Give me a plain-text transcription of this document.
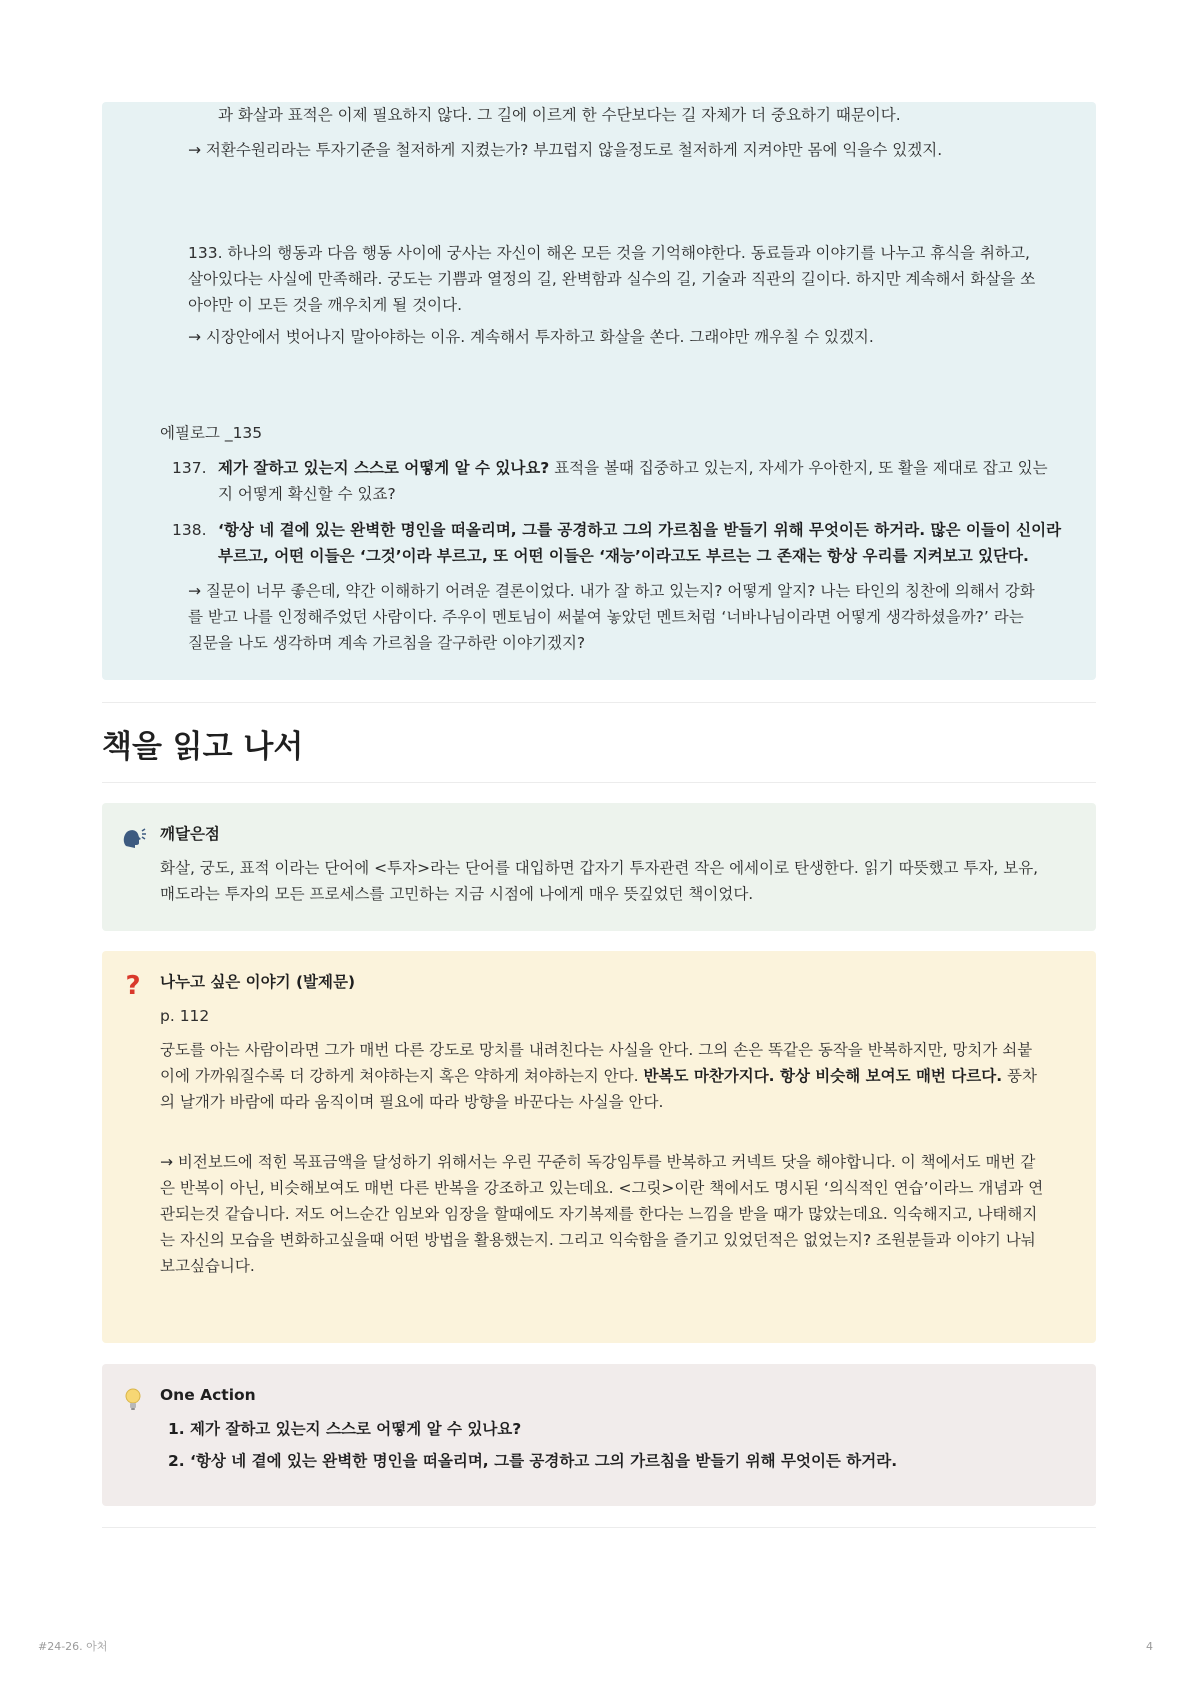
과 화살과 표적은 이제 필요하지 않다. 그 길에 이르게 한 수단보다는 길 자체가 더 중요하기 때문이다.

→ 저환수원리라는 투자기준을 철저하게 지켰는가? 부끄럽지 않을정도로 철저하게 지켜야만 몸에 익을수 있겠지.

133. 하나의 행동과 다음 행동 사이에 궁사는 자신이 해온 모든 것을 기억해야한다. 동료들과 이야기를 나누고 휴식을 취하고,

살아있다는 사실에 만족해라. 궁도는 기쁨과 열정의 길, 완벽함과 실수의 길, 기술과 직관의 길이다. 하지만 계속해서 화살을 쏘

아야만 이 모든 것을 깨우치게 될 것이다.

→ 시장안에서 벗어나지 말아야하는 이유. 계속해서 투자하고 화살을 쏜다. 그래야만 깨우칠 수 있겠지.

에필로그 _135

137. 제가 잘하고 있는지 스스로 어떻게 알 수 있나요? 표적을 볼때 집중하고 있는지, 자세가 우아한지, 또 활을 제대로 잡고 있는
지 어떻게 확신할 수 있죠?
138. ‘항상 네 곁에 있는 완벽한 명인을 떠올리며, 그를 공경하고 그의 가르침을 받들기 위해 무엇이든 하거라. 많은 이들이 신이라
부르고, 어떤 이들은 ‘그것’이라 부르고, 또 어떤 이들은 ‘재능’이라고도 부르는 그 존재는 항상 우리를 지켜보고 있단다.

→ 질문이 너무 좋은데, 약간 이해하기 어려운 결론이었다. 내가 잘 하고 있는지? 어떻게 알지? 나는 타인의 칭찬에 의해서 강화

를 받고 나를 인정해주었던 사람이다. 주우이 멘토님이 써붙여 놓았던 멘트처럼 ‘너바나님이라면 어떻게 생각하셨을까?’ 라는

질문을 나도 생각하며 계속 가르침을 갈구하란 이야기겠지?

책을 읽고 나서

깨달은점

화살, 궁도, 표적 이라는 단어에 <투자>라는 단어를 대입하면 갑자기 투자관련 작은 에세이로 탄생한다. 읽기 따뜻했고 투자, 보유,

매도라는 투자의 모든 프로세스를 고민하는 지금 시점에 나에게 매우 뜻깊었던 책이었다.

?	나누고 싶은 이야기 (발제문)

p. 112

궁도를 아는 사람이라면 그가 매번 다른 강도로 망치를 내려친다는 사실을 안다. 그의 손은 똑같은 동작을 반복하지만, 망치가 쇠붙

이에 가까워질수록 더 강하게 쳐야하는지 혹은 약하게 쳐야하는지 안다. 반복도 마찬가지다. 항상 비슷해 보여도 매번 다르다. 풍차

의 날개가 바람에 따라 움직이며 필요에 따라 방향을 바꾼다는 사실을 안다.

→ 비전보드에 적힌 목표금액을 달성하기 위해서는 우린 꾸준히 독강임투를 반복하고 커넥트 닷을 해야합니다. 이 책에서도 매번 같

은 반복이 아닌, 비슷해보여도 매번 다른 반복을 강조하고 있는데요. <그릿>이란 책에서도 명시된 ‘의식적인 연습’이라느 개념과 연

관되는것 같습니다. 저도 어느순간 임보와 임장을 할때에도 자기복제를 한다는 느낌을 받을 때가 많았는데요. 익숙해지고, 나태해지

는 자신의 모습을 변화하고싶을때 어떤 방법을 활용했는지. 그리고 익숙함을 즐기고 있었던적은 없었는지? 조원분들과 이야기 나눠

보고싶습니다.

One Action

1. 제가 잘하고 있는지 스스로 어떻게 알 수 있나요?
2. ‘항상 네 곁에 있는 완벽한 명인을 떠올리며, 그를 공경하고 그의 가르침을 받들기 위해 무엇이든 하거라.
#24-26. 아처	4
